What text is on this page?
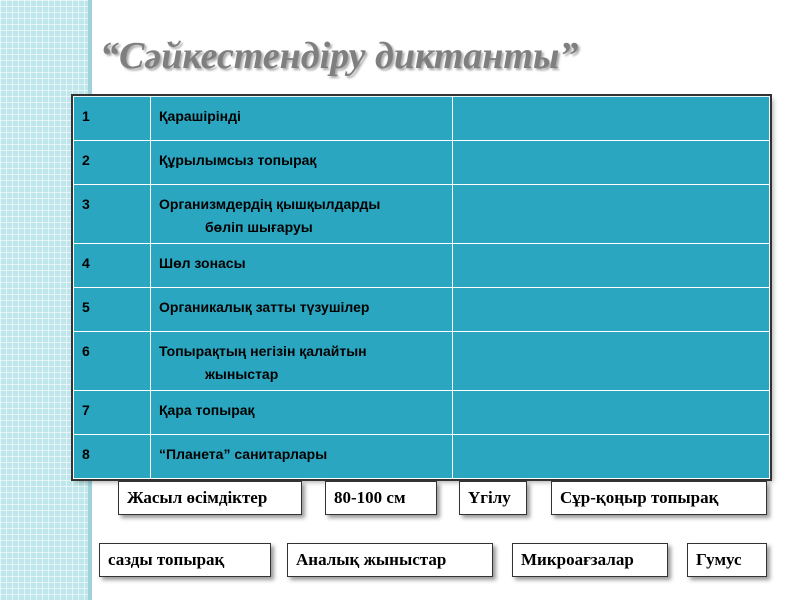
“Сәйкестендіру диктанты”
1	Қарашірінді	
2	Құрылымсыз топырақ	
3	Организмдердің қышқылдарды
бөліп шығаруы	
4	Шөл зонасы	
5	Органикалық затты түзушілер	
6	Топырақтың негізін қалайтын
жыныстар	
7	Қара топырақ	
8	“Планета” санитарлары	
Жасыл өсімдіктер	80-100 см	Үгілу	Сұр-қоңыр топырақ
сазды топырақ	Аналық жыныстар	Микроағзалар	Гумус
